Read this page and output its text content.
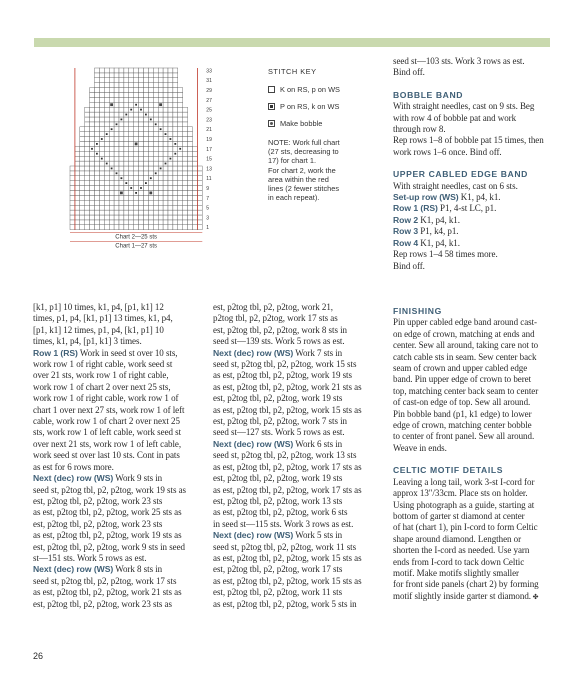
33
31
29
27
25
23
21
19
17
15
13
11
9
7
5
3
1
Chart 2—25 sts
Chart 1—27 sts
STITCH KEY
K on RS, p on WS
P on RS, k on WS
Make bobble
NOTE: Work full chart
(27 sts, decreasing to
17) for chart 1.
For chart 2, work the
area within the red
lines (2 fewer stitches
in each repeat).

[k1, p1] 10 times, k1, p4, [p1, k1] 12

times, p1, p4, [k1, p1] 13 times, k1, p4,

[p1, k1] 12 times, p1, p4, [k1, p1] 10

times, k1, p4, [p1, k1] 3 times.

Row 1 (RS) Work in seed st over 10 sts,

work row 1 of right cable, work seed st

over 21 sts, work row 1 of right cable,

work row 1 of chart 2 over next 25 sts,

work row 1 of right cable, work row 1 of

chart 1 over next 27 sts, work row 1 of left

cable, work row 1 of chart 2 over next 25

sts, work row 1 of left cable, work seed st

over next 21 sts, work row 1 of left cable,

work seed st over last 10 sts. Cont in pats

as est for 6 rows more.

Next (dec) row (WS) Work 9 sts in

seed st, p2tog tbl, p2, p2tog, work 19 sts as

est, p2tog tbl, p2, p2tog, work 23 sts

as est, p2tog tbl, p2, p2tog, work 25 sts as

est, p2tog tbl, p2, p2tog, work 23 sts

as est, p2tog tbl, p2, p2tog, work 19 sts as

est, p2tog tbl, p2, p2tog, work 9 sts in seed

st—151 sts. Work 5 rows as est.

Next (dec) row (WS) Work 8 sts in

seed st, p2tog tbl, p2, p2tog, work 17 sts

as est, p2tog tbl, p2, p2tog, work 21 sts as

est, p2tog tbl, p2, p2tog, work 23 sts as

est, p2tog tbl, p2, p2tog, work 21,

p2tog tbl, p2, p2tog, work 17 sts as

est, p2tog tbl, p2, p2tog, work 8 sts in

seed st—139 sts. Work 5 rows as est.

Next (dec) row (WS) Work 7 sts in

seed st, p2tog tbl, p2, p2tog, work 15 sts

as est, p2tog tbl, p2, p2tog, work 19 sts

as est, p2tog tbl, p2, p2tog, work 21 sts as

est, p2tog tbl, p2, p2tog, work 19 sts

as est, p2tog tbl, p2, p2tog, work 15 sts as

est, p2tog tbl, p2, p2tog, work 7 sts in

seed st—127 sts. Work 5 rows as est.

Next (dec) row (WS) Work 6 sts in

seed st, p2tog tbl, p2, p2tog, work 13 sts

as est, p2tog tbl, p2, p2tog, work 17 sts as

est, p2tog tbl, p2, p2tog, work 19 sts

as est, p2tog tbl, p2, p2tog, work 17 sts as

est, p2tog tbl, p2, p2tog, work 13 sts

as est, p2tog tbl, p2, p2tog, work 6 sts

in seed st—115 sts. Work 3 rows as est.

Next (dec) row (WS) Work 5 sts in

seed st, p2tog tbl, p2, p2tog, work 11 sts

as est, p2tog tbl, p2, p2tog, work 15 sts as

est, p2tog tbl, p2, p2tog, work 17 sts

as est, p2tog tbl, p2, p2tog, work 15 sts as

est, p2tog tbl, p2, p2tog, work 11 sts

as est, p2tog tbl, p2, p2tog, work 5 sts in

seed st—103 sts. Work 3 rows as est.

Bind off.

BOBBLE BAND

With straight needles, cast on 9 sts. Beg

with row 4 of bobble pat and work

through row 8.

Rep rows 1–8 of bobble pat 15 times, then

work rows 1–6 once. Bind off.

UPPER CABLED EDGE BAND

With straight needles, cast on 6 sts.

Set-up row (WS) K1, p4, k1.

Row 1 (RS) P1, 4-st LC, p1.

Row 2 K1, p4, k1.

Row 3 P1, k4, p1.

Row 4 K1, p4, k1.

Rep rows 1–4 58 times more.

Bind off.

FINISHING

Pin upper cabled edge band around cast-

on edge of crown, matching at ends and

center. Sew all around, taking care not to

catch cable sts in seam. Sew center back

seam of crown and upper cabled edge

band. Pin upper edge of crown to beret

top, matching center back seam to center

of cast-on edge of top. Sew all around.

Pin bobble band (p1, k1 edge) to lower

edge of crown, matching center bobble

to center of front panel. Sew all around.

Weave in ends.

CELTIC MOTIF DETAILS

Leaving a long tail, work 3-st I-cord for

approx 13"/33cm. Place sts on holder.

Using photograph as a guide, starting at

bottom of garter st diamond at center

of hat (chart 1), pin I-cord to form Celtic

shape around diamond. Lengthen or

shorten the I-cord as needed. Use yarn

ends from I-cord to tack down Celtic

motif. Make motifs slightly smaller

for front side panels (chart 2) by forming

motif slightly inside garter st diamond. ✤

26
